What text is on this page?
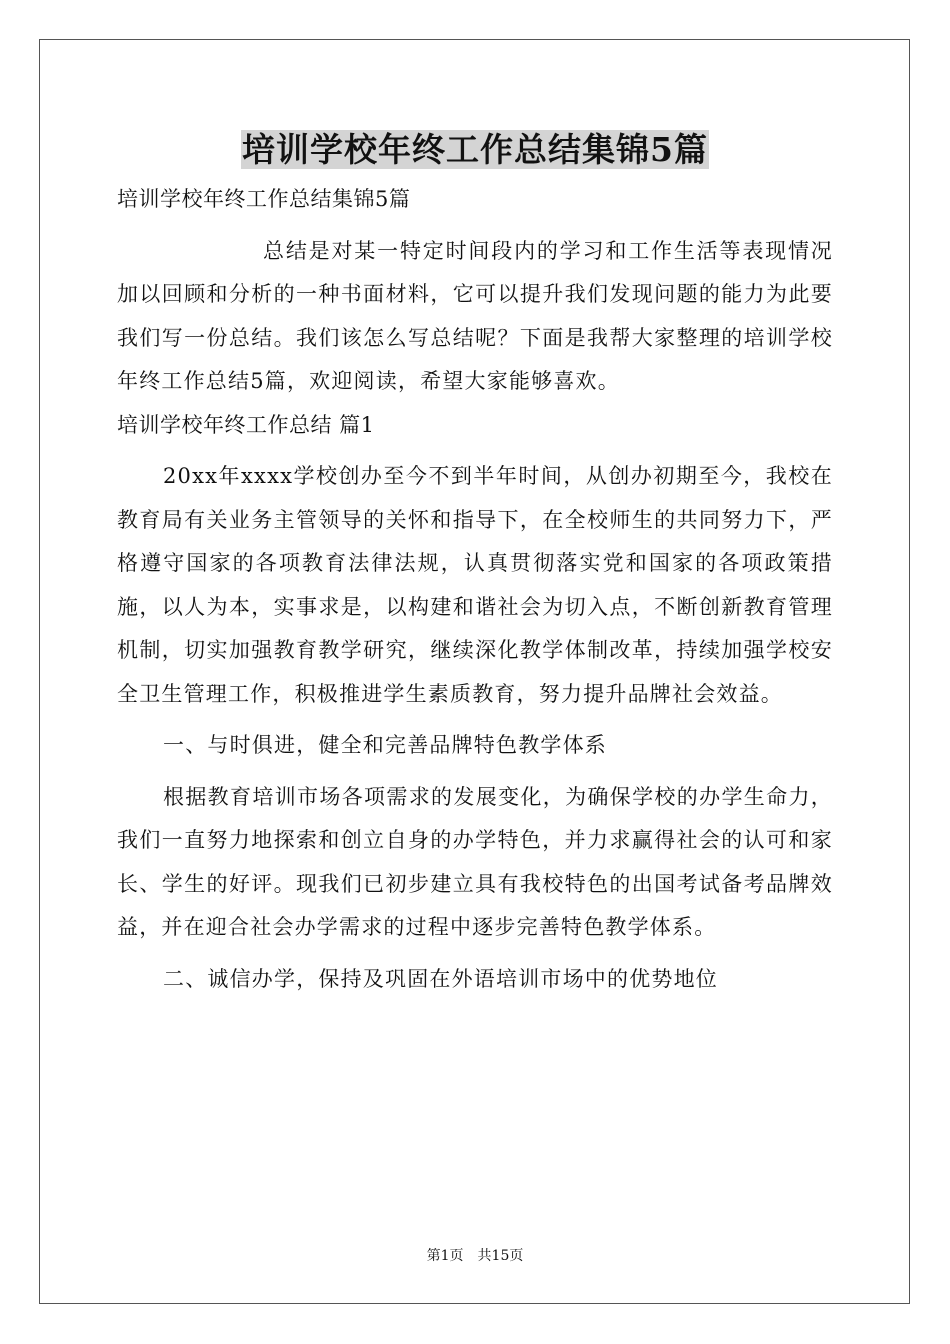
培训学校年终工作总结集锦5篇
培训学校年终工作总结集锦5篇
总结是对某一特定时间段内的学习和工作生活等表现情况加以回顾和分析的一种书面材料，它可以提升我们发现问题的能力为此要我们写一份总结。我们该怎么写总结呢？下面是我帮大家整理的培训学校年终工作总结5篇，欢迎阅读，希望大家能够喜欢。
培训学校年终工作总结 篇1
20xx年xxxx学校创办至今不到半年时间，从创办初期至今，我校在教育局有关业务主管领导的关怀和指导下，在全校师生的共同努力下，严格遵守国家的各项教育法律法规，认真贯彻落实党和国家的各项政策措施，以人为本，实事求是，以构建和谐社会为切入点，不断创新教育管理机制，切实加强教育教学研究，继续深化教学体制改革，持续加强学校安全卫生管理工作，积极推进学生素质教育，努力提升品牌社会效益。
一、与时俱进，健全和完善品牌特色教学体系
根据教育培训市场各项需求的发展变化，为确保学校的办学生命力，我们一直努力地探索和创立自身的办学特色，并力求赢得社会的认可和家长、学生的好评。现我们已初步建立具有我校特色的出国考试备考品牌效益，并在迎合社会办学需求的过程中逐步完善特色教学体系。
二、诚信办学，保持及巩固在外语培训市场中的优势地位
第1页 共15页
